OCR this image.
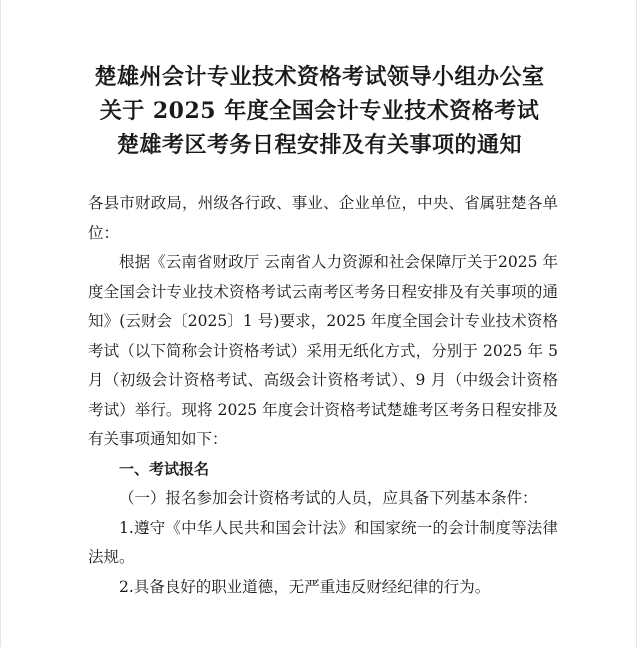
楚雄州会计专业技术资格考试领导小组办公室
关于 2025 年度全国会计专业技术资格考试
楚雄考区考务日程安排及有关事项的通知

各县市财政局，州级各行政、事业、企业单位，中央、省属驻楚各单位：

根据《云南省财政厅 云南省人力资源和社会保障厅关于2025 年度全国会计专业技术资格考试云南考区考务日程安排及有关事项的通知》(云财会〔2025〕1 号)要求，2025 年度全国会计专业技术资格考试（以下简称会计资格考试）采用无纸化方式，分别于 2025 年 5 月（初级会计资格考试、高级会计资格考试）、9 月（中级会计资格考试）举行。现将 2025 年度会计资格考试楚雄考区考务日程安排及有关事项通知如下：

一、考试报名

（一）报名参加会计资格考试的人员，应具备下列基本条件：

1.遵守《中华人民共和国会计法》和国家统一的会计制度等法律法规。

2.具备良好的职业道德，无严重违反财经纪律的行为。
